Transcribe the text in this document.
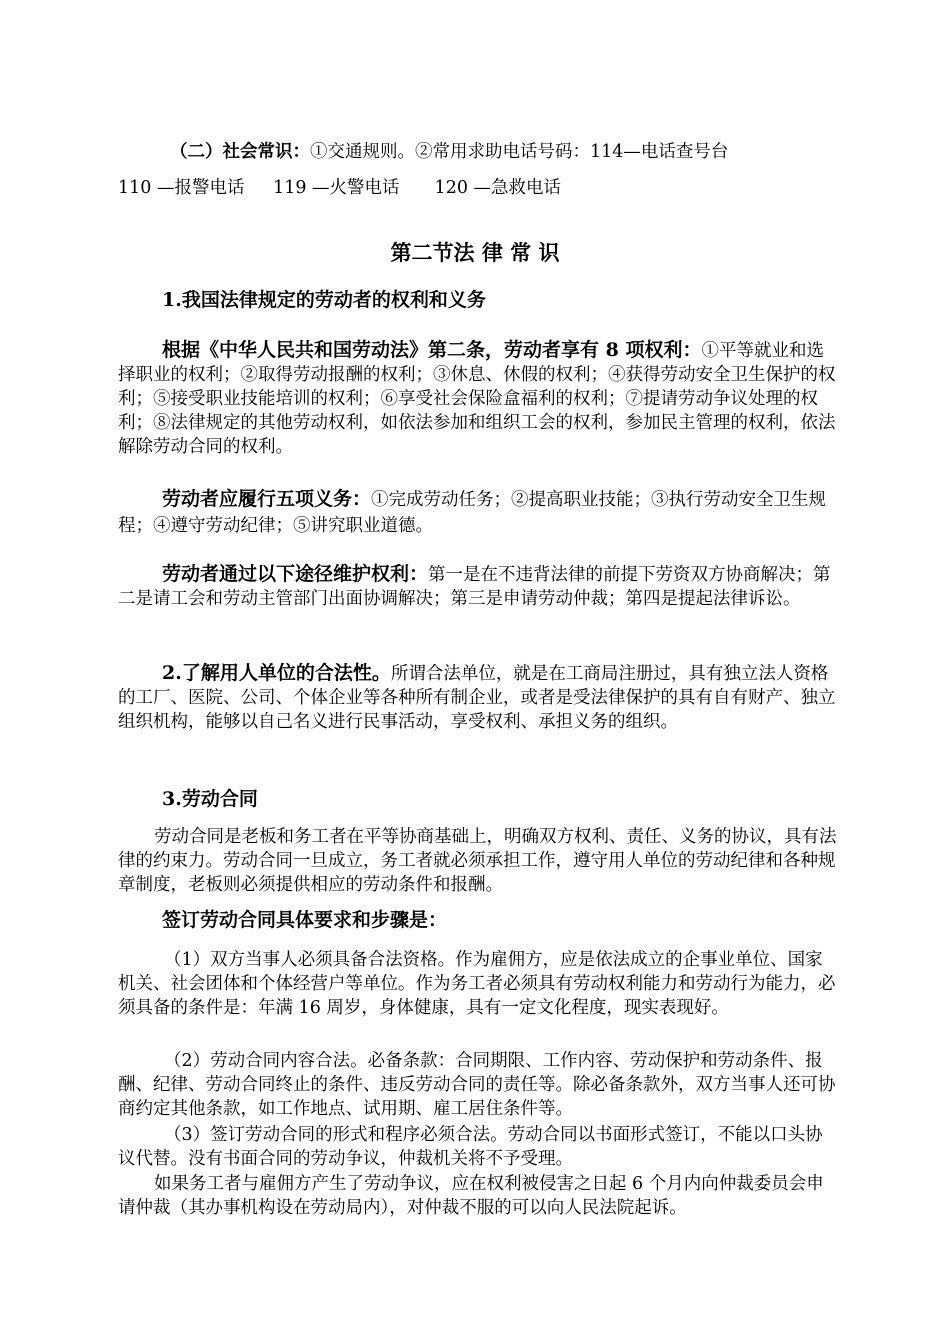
（二）社会常识：①交通规则。②常用求助电话号码：114—电话查号台

110 —报警电话　  119 —火警电话　　120 —急救电话

第二节法 律 常 识
1.我国法律规定的劳动者的权利和义务

根据《中华人民共和国劳动法》第二条，劳动者享有 8 项权利：①平等就业和选择职业的权利；②取得劳动报酬的权利；③休息、休假的权利；④获得劳动安全卫生保护的权利；⑤接受职业技能培训的权利；⑥享受社会保险盒福利的权利；⑦提请劳动争议处理的权利；⑧法律规定的其他劳动权利，如依法参加和组织工会的权利，参加民主管理的权利，依法解除劳动合同的权利。

劳动者应履行五项义务：①完成劳动任务；②提高职业技能；③执行劳动安全卫生规程；④遵守劳动纪律；⑤讲究职业道德。

劳动者通过以下途径维护权利：第一是在不违背法律的前提下劳资双方协商解决；第二是请工会和劳动主管部门出面协调解决；第三是申请劳动仲裁；第四是提起法律诉讼。

2.了解用人单位的合法性。所谓合法单位，就是在工商局注册过，具有独立法人资格的工厂、医院、公司、个体企业等各种所有制企业，或者是受法律保护的具有自有财产、独立组织机构，能够以自己名义进行民事活动，享受权利、承担义务的组织。

3.劳动合同

劳动合同是老板和务工者在平等协商基础上，明确双方权利、责任、义务的协议，具有法律的约束力。劳动合同一旦成立，务工者就必须承担工作，遵守用人单位的劳动纪律和各种规章制度，老板则必须提供相应的劳动条件和报酬。

签订劳动合同具体要求和步骤是：

（1）双方当事人必须具备合法资格。作为雇佣方，应是依法成立的企事业单位、国家机关、社会团体和个体经营户等单位。作为务工者必须具有劳动权利能力和劳动行为能力，必须具备的条件是：年满 16 周岁，身体健康，具有一定文化程度，现实表现好。

（2）劳动合同内容合法。必备条款：合同期限、工作内容、劳动保护和劳动条件、报酬、纪律、劳动合同终止的条件、违反劳动合同的责任等。除必备条款外，双方当事人还可协商约定其他条款，如工作地点、试用期、雇工居住条件等。

（3）签订劳动合同的形式和程序必须合法。劳动合同以书面形式签订，不能以口头协议代替。没有书面合同的劳动争议，仲裁机关将不予受理。

如果务工者与雇佣方产生了劳动争议，应在权利被侵害之日起 6 个月内向仲裁委员会申请仲裁（其办事机构设在劳动局内），对仲裁不服的可以向人民法院起诉。
